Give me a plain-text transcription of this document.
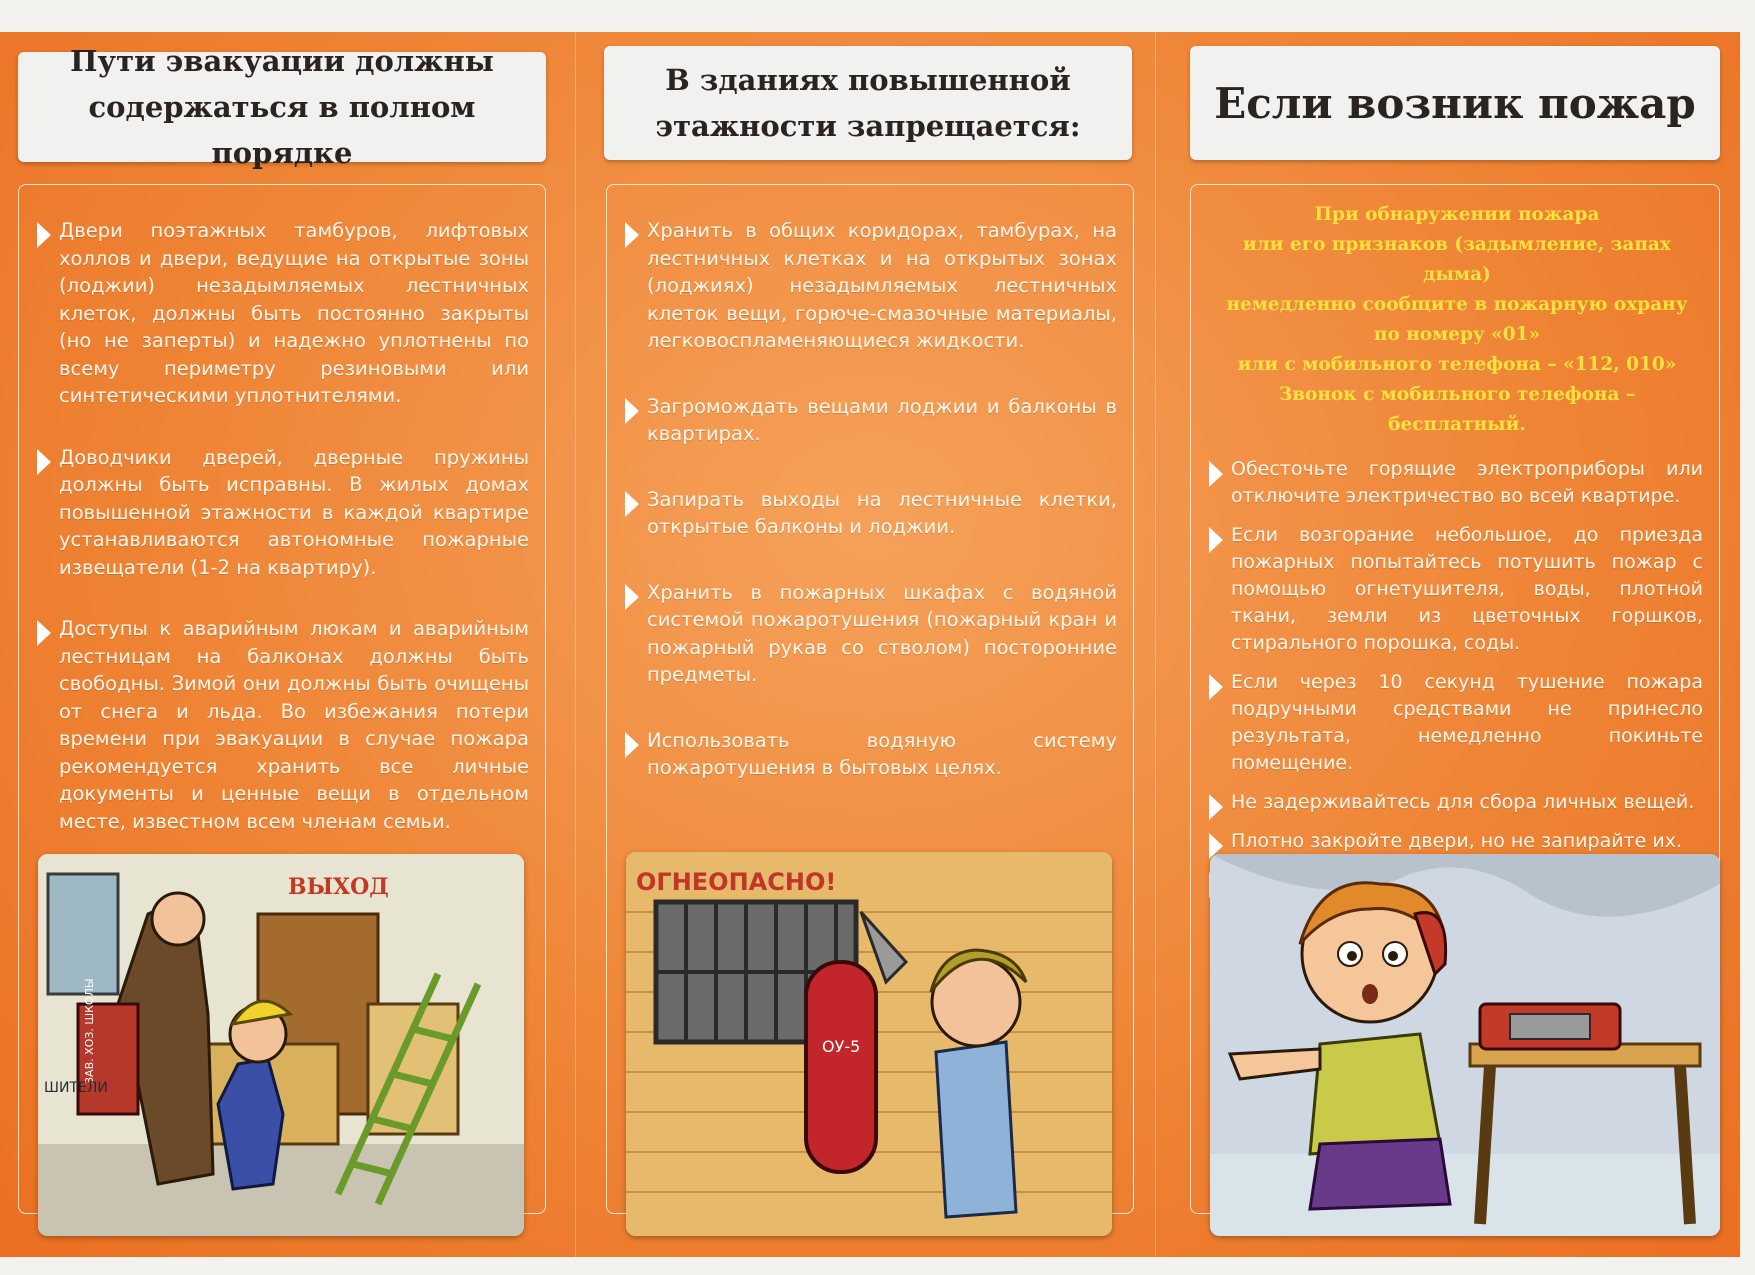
Пути эвакуации должны
содержаться в полном порядке
Двери поэтажных тамбуров, лифтовых холлов и двери, ведущие на открытые зоны (лоджии) незадымляемых лестничных клеток, должны быть постоянно закрыты (но не заперты) и надежно уплотнены по всему периметру резиновыми или синтетическими уплотнителями.
Доводчики дверей, дверные пружины должны быть исправны. В жилых домах повышенной этажности в каждой квартире устанавливаются автономные пожарные извещатели (1-2 на квартиру).
Доступы к аварийным люкам и аварийным лестницам на балконах должны быть свободны. Зимой они должны быть очищены от снега и льда. Во избежания потери времени при эвакуации в случае пожара рекомендуется хранить все личные документы и ценные вещи в отдельном месте, известном всем членам семьи.
ВЫХОД
ЗАВ. ХОЗ. ШКОЛЫ
ШИТЕЛИ
В зданиях повышенной
этажности запрещается:
Хранить в общих коридорах, тамбурах, на лестничных клетках и на открытых зонах (лоджиях) незадымляемых лестничных клеток вещи, горюче-смазочные материалы, легковоспламеняющиеся жидкости.
Загромождать вещами лоджии и балконы в квартирах.
Запирать выходы на лестничные клетки, открытые балконы и лоджии.
Хранить в пожарных шкафах с водяной системой пожаротушения (пожарный кран и пожарный рукав со стволом) посторонние предметы.
Использовать водяную систему пожаротушения в бытовых целях.
ОГНЕОПАСНО!
ОУ-5
Если возник пожар
При обнаружении пожара
или его признаков (задымление, запах дыма)
немедленно сообщите в пожарную охрану
по номеру «01»
или с мобильного телефона – «112, 010»
Звонок с мобильного телефона – бесплатный.
Обесточьте горящие электроприборы или отключите электричество во всей квартире.
Если возгорание небольшое, до приезда пожарных попытайтесь потушить пожар с помощью огнетушителя, воды, плотной ткани, земли из цветочных горшков, стирального порошка, соды.
Если через 10 секунд тушение пожара подручными средствами не принесло результата, немедленно покиньте помещение.
Не задерживайтесь для сбора личных вещей.
Плотно закройте двери, но не запирайте их.
